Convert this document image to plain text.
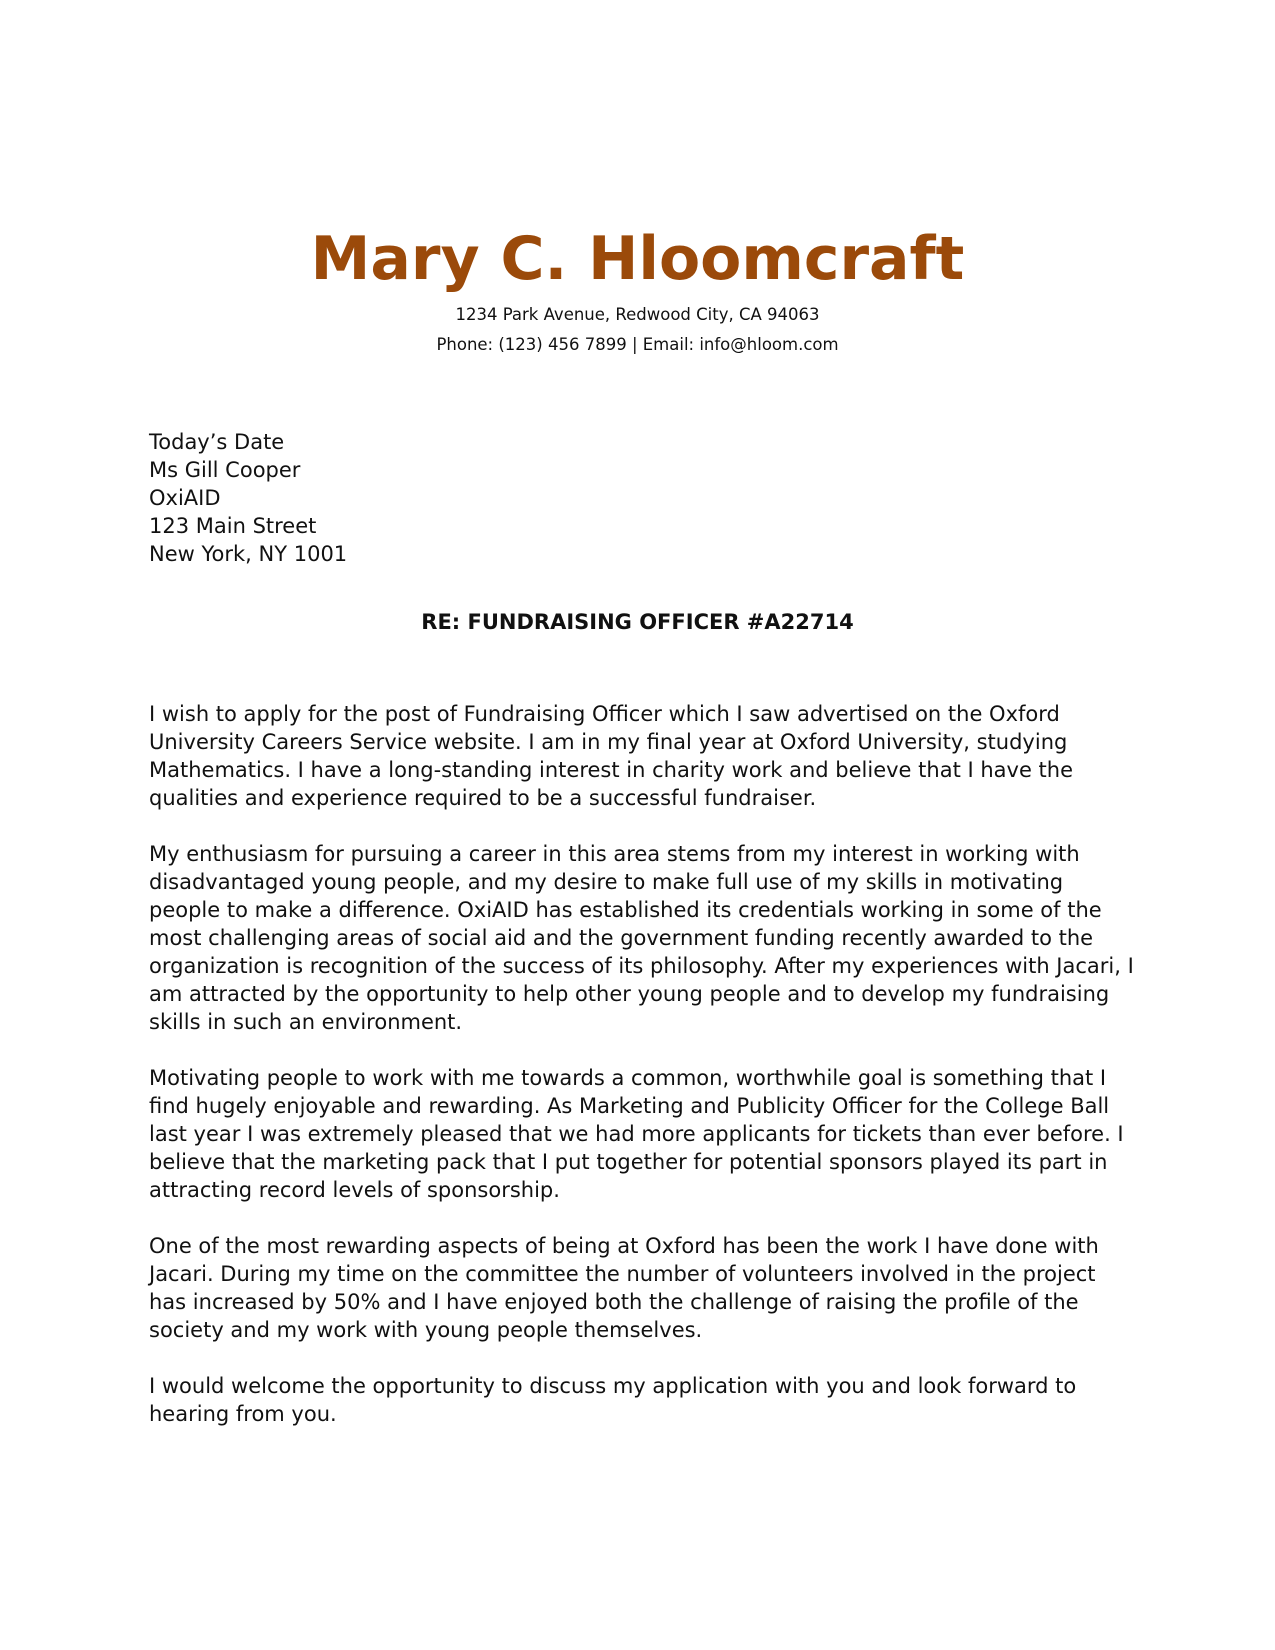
Mary C. Hloomcraft

1234 Park Avenue, Redwood City, CA 94063

Phone: (123) 456 7899 | Email: info@hloom.com

Today’s Date
Ms Gill Cooper
OxiAID
123 Main Street
New York, NY 1001
RE: FUNDRAISING OFFICER #A22714

I wish to apply for the post of Fundraising Officer which I saw advertised on the Oxford University Careers Service website. I am in my final year at Oxford University, studying Mathematics. I have a long-standing interest in charity work and believe that I have the qualities and experience required to be a successful fundraiser.

My enthusiasm for pursuing a career in this area stems from my interest in working with disadvantaged young people, and my desire to make full use of my skills in motivating people to make a difference. OxiAID has established its credentials working in some of the most challenging areas of social aid and the government funding recently awarded to the organization is recognition of the success of its philosophy. After my experiences with Jacari, I am attracted by the opportunity to help other young people and to develop my fundraising skills in such an environment.

Motivating people to work with me towards a common, worthwhile goal is something that I find hugely enjoyable and rewarding. As Marketing and Publicity Officer for the College Ball last year I was extremely pleased that we had more applicants for tickets than ever before. I believe that the marketing pack that I put together for potential sponsors played its part in attracting record levels of sponsorship.

One of the most rewarding aspects of being at Oxford has been the work I have done with Jacari. During my time on the committee the number of volunteers involved in the project has increased by 50% and I have enjoyed both the challenge of raising the profile of the society and my work with young people themselves.

I would welcome the opportunity to discuss my application with you and look forward to hearing from you.
